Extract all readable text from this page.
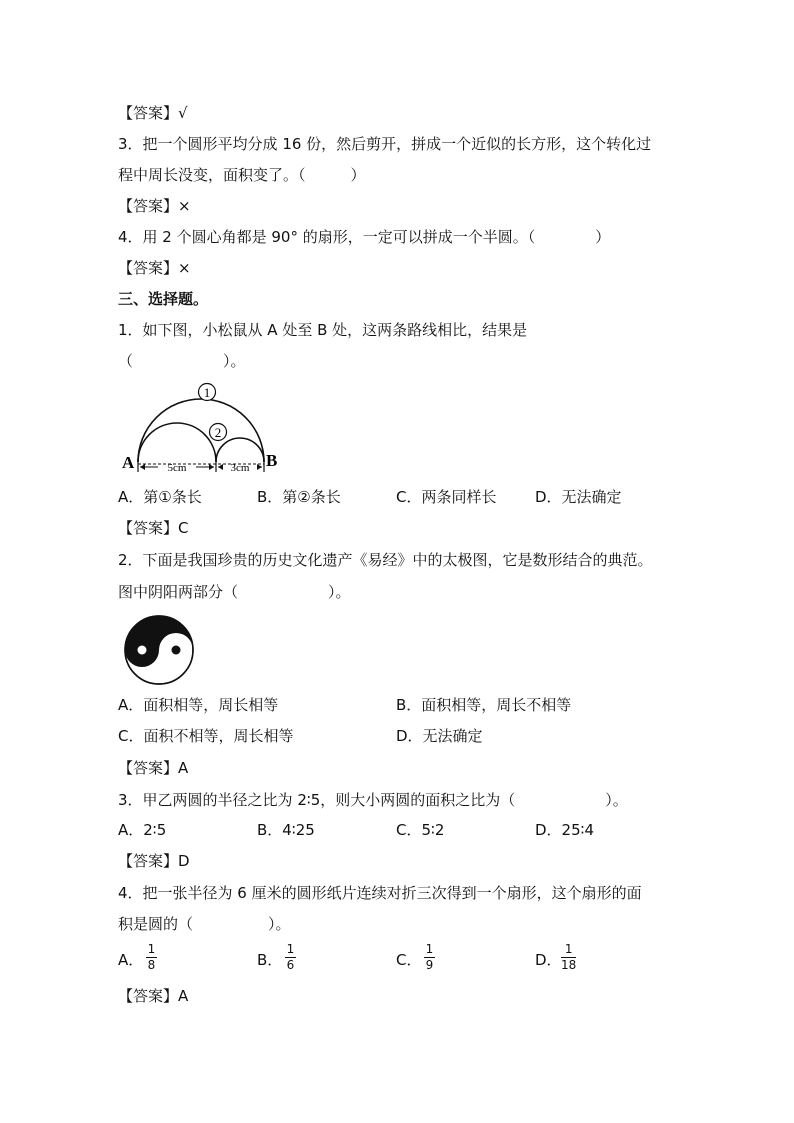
【答案】√
3．把一个圆形平均分成 16 份，然后剪开，拼成一个近似的长方形，这个转化过
程中周长没变，面积变了。（　　　）
【答案】×
4．用 2 个圆心角都是 90° 的扇形，一定可以拼成一个半圆。（　　　　）
【答案】×
三、选择题。
1．如下图，小松鼠从 A 处至 B 处，这两条路线相比，结果是
（　　　　　　）。
1
2
5cm	3cm
A	B
A．第①条长	B．第②条长	C．两条同样长	D．无法确定
【答案】C
2．下面是我国珍贵的历史文化遗产《易经》中的太极图，它是数形结合的典范。
图中阴阳两部分（　　　　　　）。
A．面积相等，周长相等	B．面积相等，周长不相等
C．面积不相等，周长相等	D．无法确定
【答案】A
3．甲乙两圆的半径之比为 2∶5，则大小两圆的面积之比为（　　　　　　）。
A．2∶5	B．4∶25	C．5∶2	D．25∶4
【答案】D
4．把一张半径为 6 厘米的圆形纸片连续对折三次得到一个扇形，这个扇形的面
积是圆的（　　　　　）。
A．
1
8	B．
1
6	C．
1
9	D．
1
18
【答案】A
